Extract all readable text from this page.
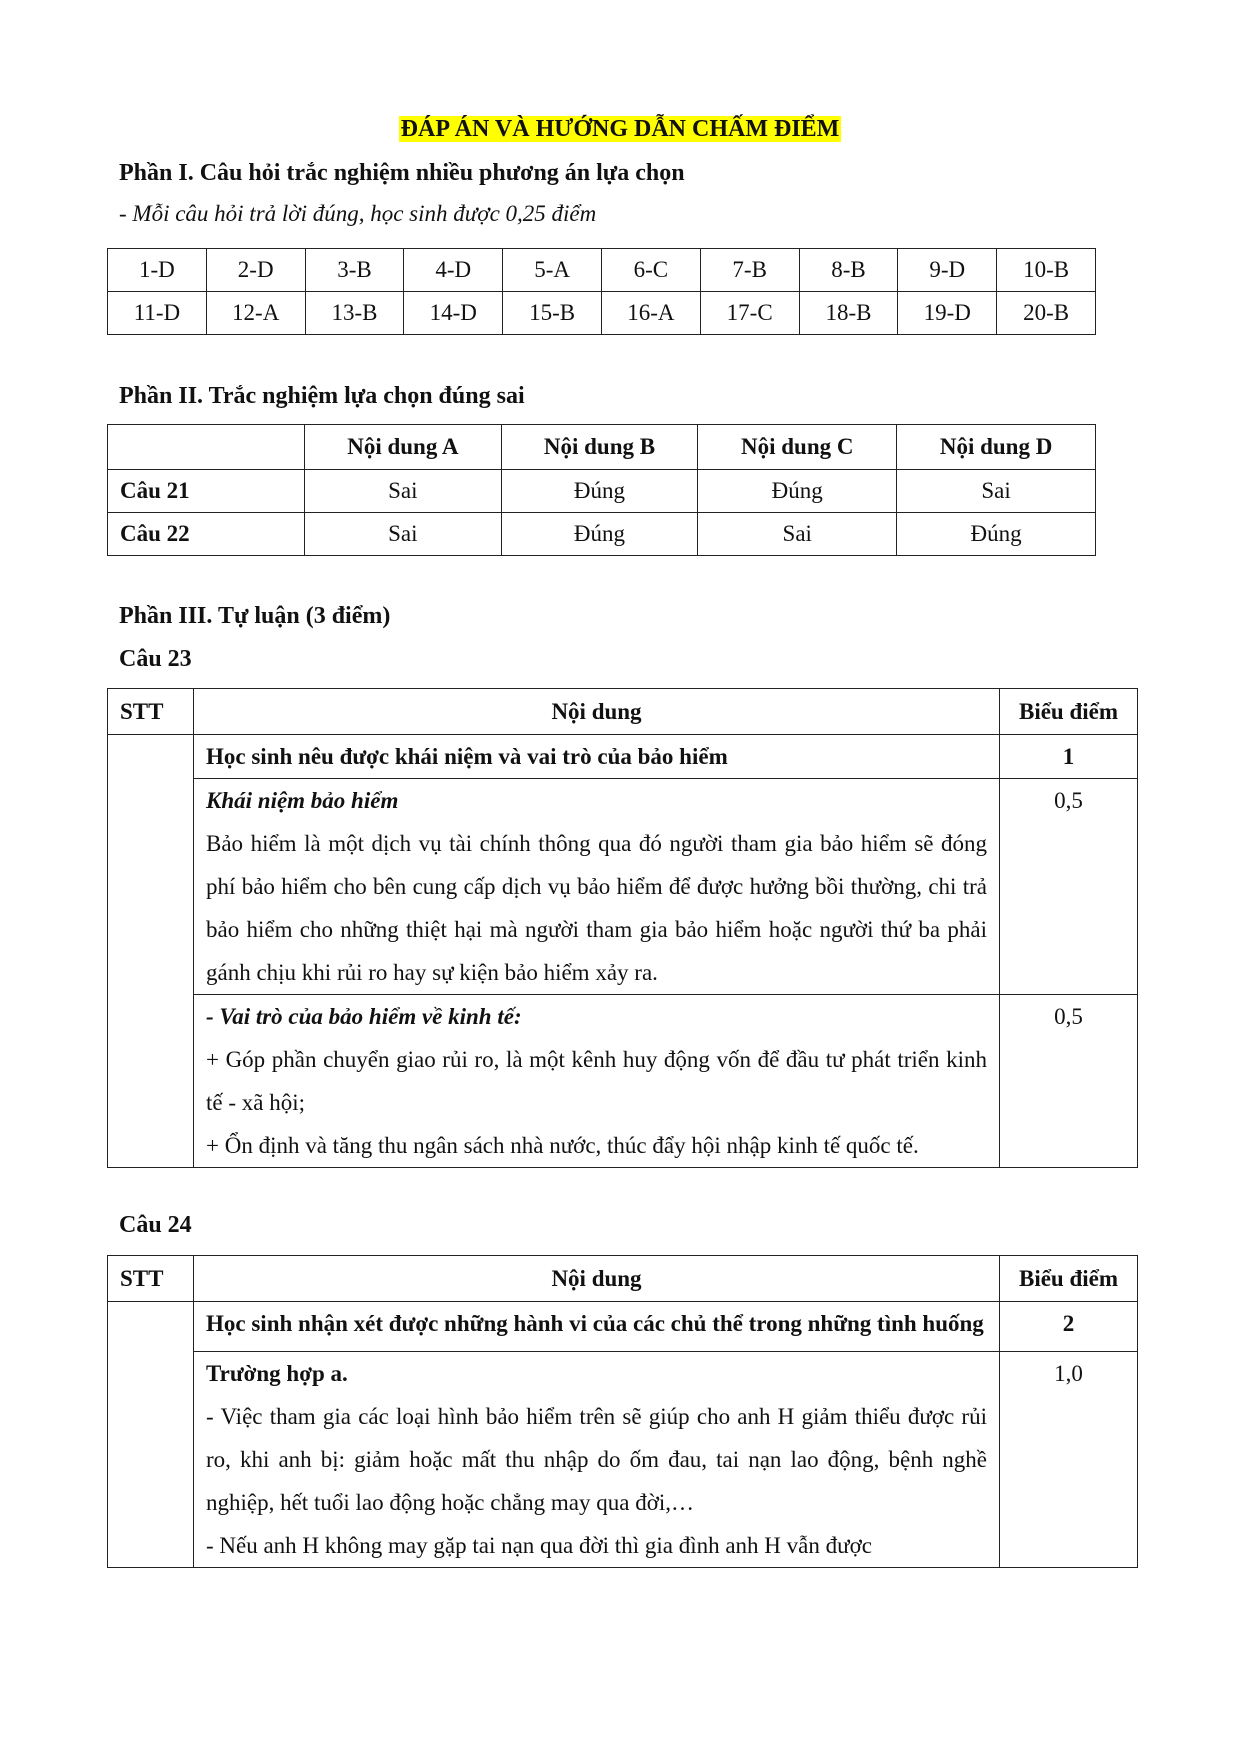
ĐÁP ÁN VÀ HƯỚNG DẪN CHẤM ĐIỂM
Phần I. Câu hỏi trắc nghiệm nhiều phương án lựa chọn
- Mỗi câu hỏi trả lời đúng, học sinh được 0,25 điểm
1-D	2-D	3-B	4-D	5-A	6-C	7-B	8-B	9-D	10-B
11-D	12-A	13-B	14-D	15-B	16-A	17-C	18-B	19-D	20-B
Phần II. Trắc nghiệm lựa chọn đúng sai
	Nội dung A	Nội dung B	Nội dung C	Nội dung D
Câu 21	Sai	Đúng	Đúng	Sai
Câu 22	Sai	Đúng	Sai	Đúng
Phần III. Tự luận (3 điểm)
Câu 23
STT	Nội dung	Biểu điểm
	Học sinh nêu được khái niệm và vai trò của bảo hiểm	1

	Khái niệm bảo hiểm

Bảo hiểm là một dịch vụ tài chính thông qua đó người tham gia bảo hiểm sẽ đóng phí bảo hiểm cho bên cung cấp dịch vụ bảo hiểm để được hưởng bồi thường, chi trả bảo hiểm cho những thiệt hại mà người tham gia bảo hiểm hoặc người thứ ba phải gánh chịu khi rủi ro hay sự kiện bảo hiểm xảy ra.	0,5

	- Vai trò của bảo hiểm về kinh tế:

+ Góp phần chuyển giao rủi ro, là một kênh huy động vốn để đầu tư phát triển kinh tế - xã hội;

+ Ổn định và tăng thu ngân sách nhà nước, thúc đẩy hội nhập kinh tế quốc tế.	0,5
Câu 24
STT	Nội dung	Biểu điểm
	Học sinh nhận xét được những hành vi của các chủ thể trong những tình huống	2

	Trường hợp a.

- Việc tham gia các loại hình bảo hiểm trên sẽ giúp cho anh H giảm thiểu được rủi ro, khi anh bị: giảm hoặc mất thu nhập do ốm đau, tai nạn lao động, bệnh nghề nghiệp, hết tuổi lao động hoặc chẳng may qua đời,…

- Nếu anh H không may gặp tai nạn qua đời thì gia đình anh H vẫn được	1,0
